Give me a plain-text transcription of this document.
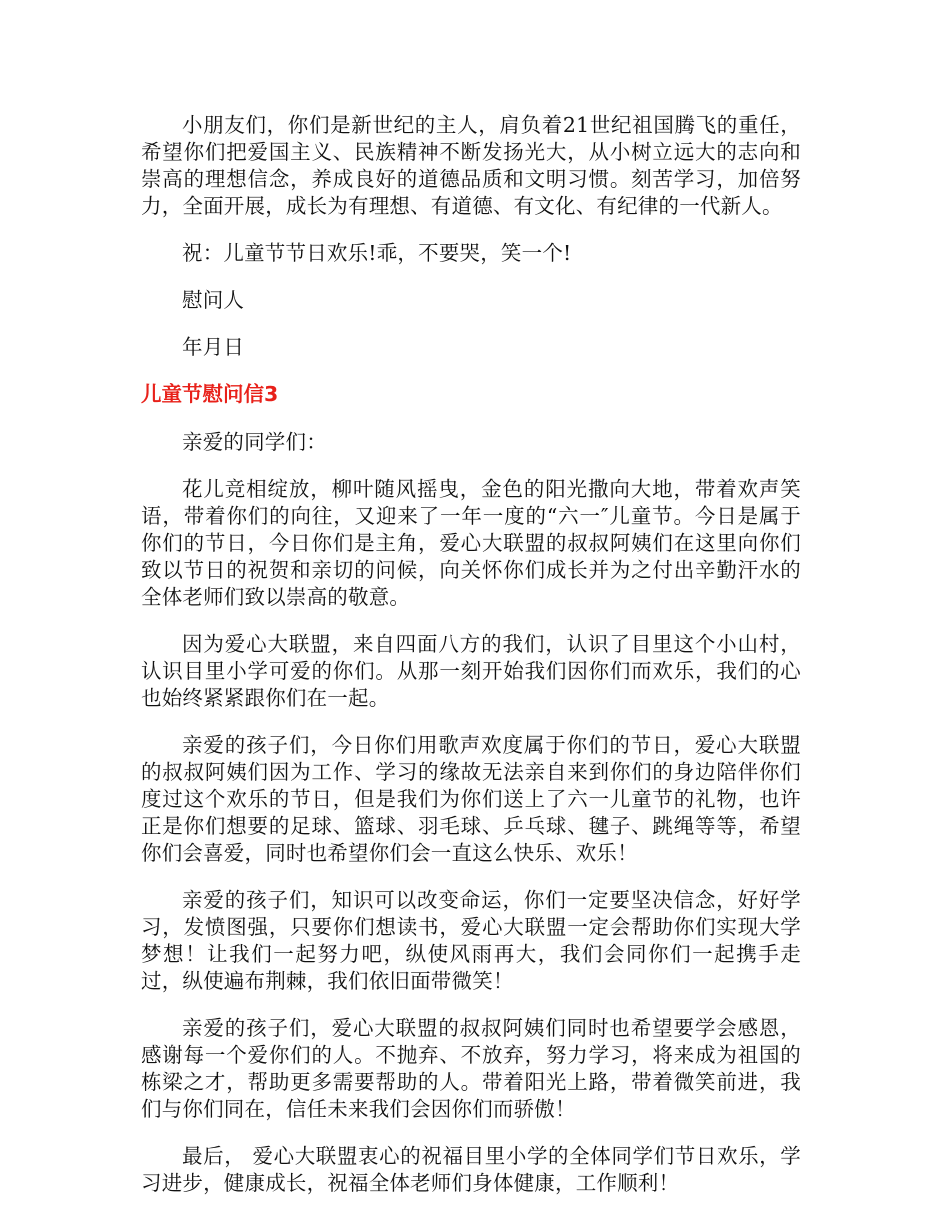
小朋友们，你们是新世纪的主人，肩负着21世纪祖国腾飞的重任，希望你们把爱国主义、民族精神不断发扬光大，从小树立远大的志向和崇高的理想信念，养成良好的道德品质和文明习惯。刻苦学习，加倍努力，全面开展，成长为有理想、有道德、有文化、有纪律的一代新人。

祝：儿童节节日欢乐!乖，不要哭，笑一个!

慰问人

年月日

儿童节慰问信3

亲爱的同学们：

花儿竞相绽放，柳叶随风摇曳，金色的阳光撒向大地，带着欢声笑语，带着你们的向往，又迎来了一年一度的“六一″儿童节。今日是属于你们的节日，今日你们是主角，爱心大联盟的叔叔阿姨们在这里向你们致以节日的祝贺和亲切的问候，向关怀你们成长并为之付出辛勤汗水的全体老师们致以崇高的敬意。

因为爱心大联盟，来自四面八方的我们，认识了目里这个小山村，认识目里小学可爱的你们。从那一刻开始我们因你们而欢乐，我们的心也始终紧紧跟你们在一起。

亲爱的孩子们，今日你们用歌声欢度属于你们的节日，爱心大联盟的叔叔阿姨们因为工作、学习的缘故无法亲自来到你们的身边陪伴你们度过这个欢乐的节日，但是我们为你们送上了六一儿童节的礼物，也许正是你们想要的足球、篮球、羽毛球、乒乓球、毽子、跳绳等等，希望你们会喜爱，同时也希望你们会一直这么快乐、欢乐！

亲爱的孩子们，知识可以改变命运，你们一定要坚决信念，好好学习，发愤图强，只要你们想读书，爱心大联盟一定会帮助你们实现大学梦想！让我们一起努力吧，纵使风雨再大，我们会同你们一起携手走过，纵使遍布荆棘，我们依旧面带微笑！

亲爱的孩子们，爱心大联盟的叔叔阿姨们同时也希望要学会感恩，感谢每一个爱你们的人。不抛弃、不放弃，努力学习，将来成为祖国的栋梁之才，帮助更多需要帮助的人。带着阳光上路，带着微笑前进，我们与你们同在，信任未来我们会因你们而骄傲！

最后， 爱心大联盟衷心的祝福目里小学的全体同学们节日欢乐，学习进步，健康成长，祝福全体老师们身体健康，工作顺利！
